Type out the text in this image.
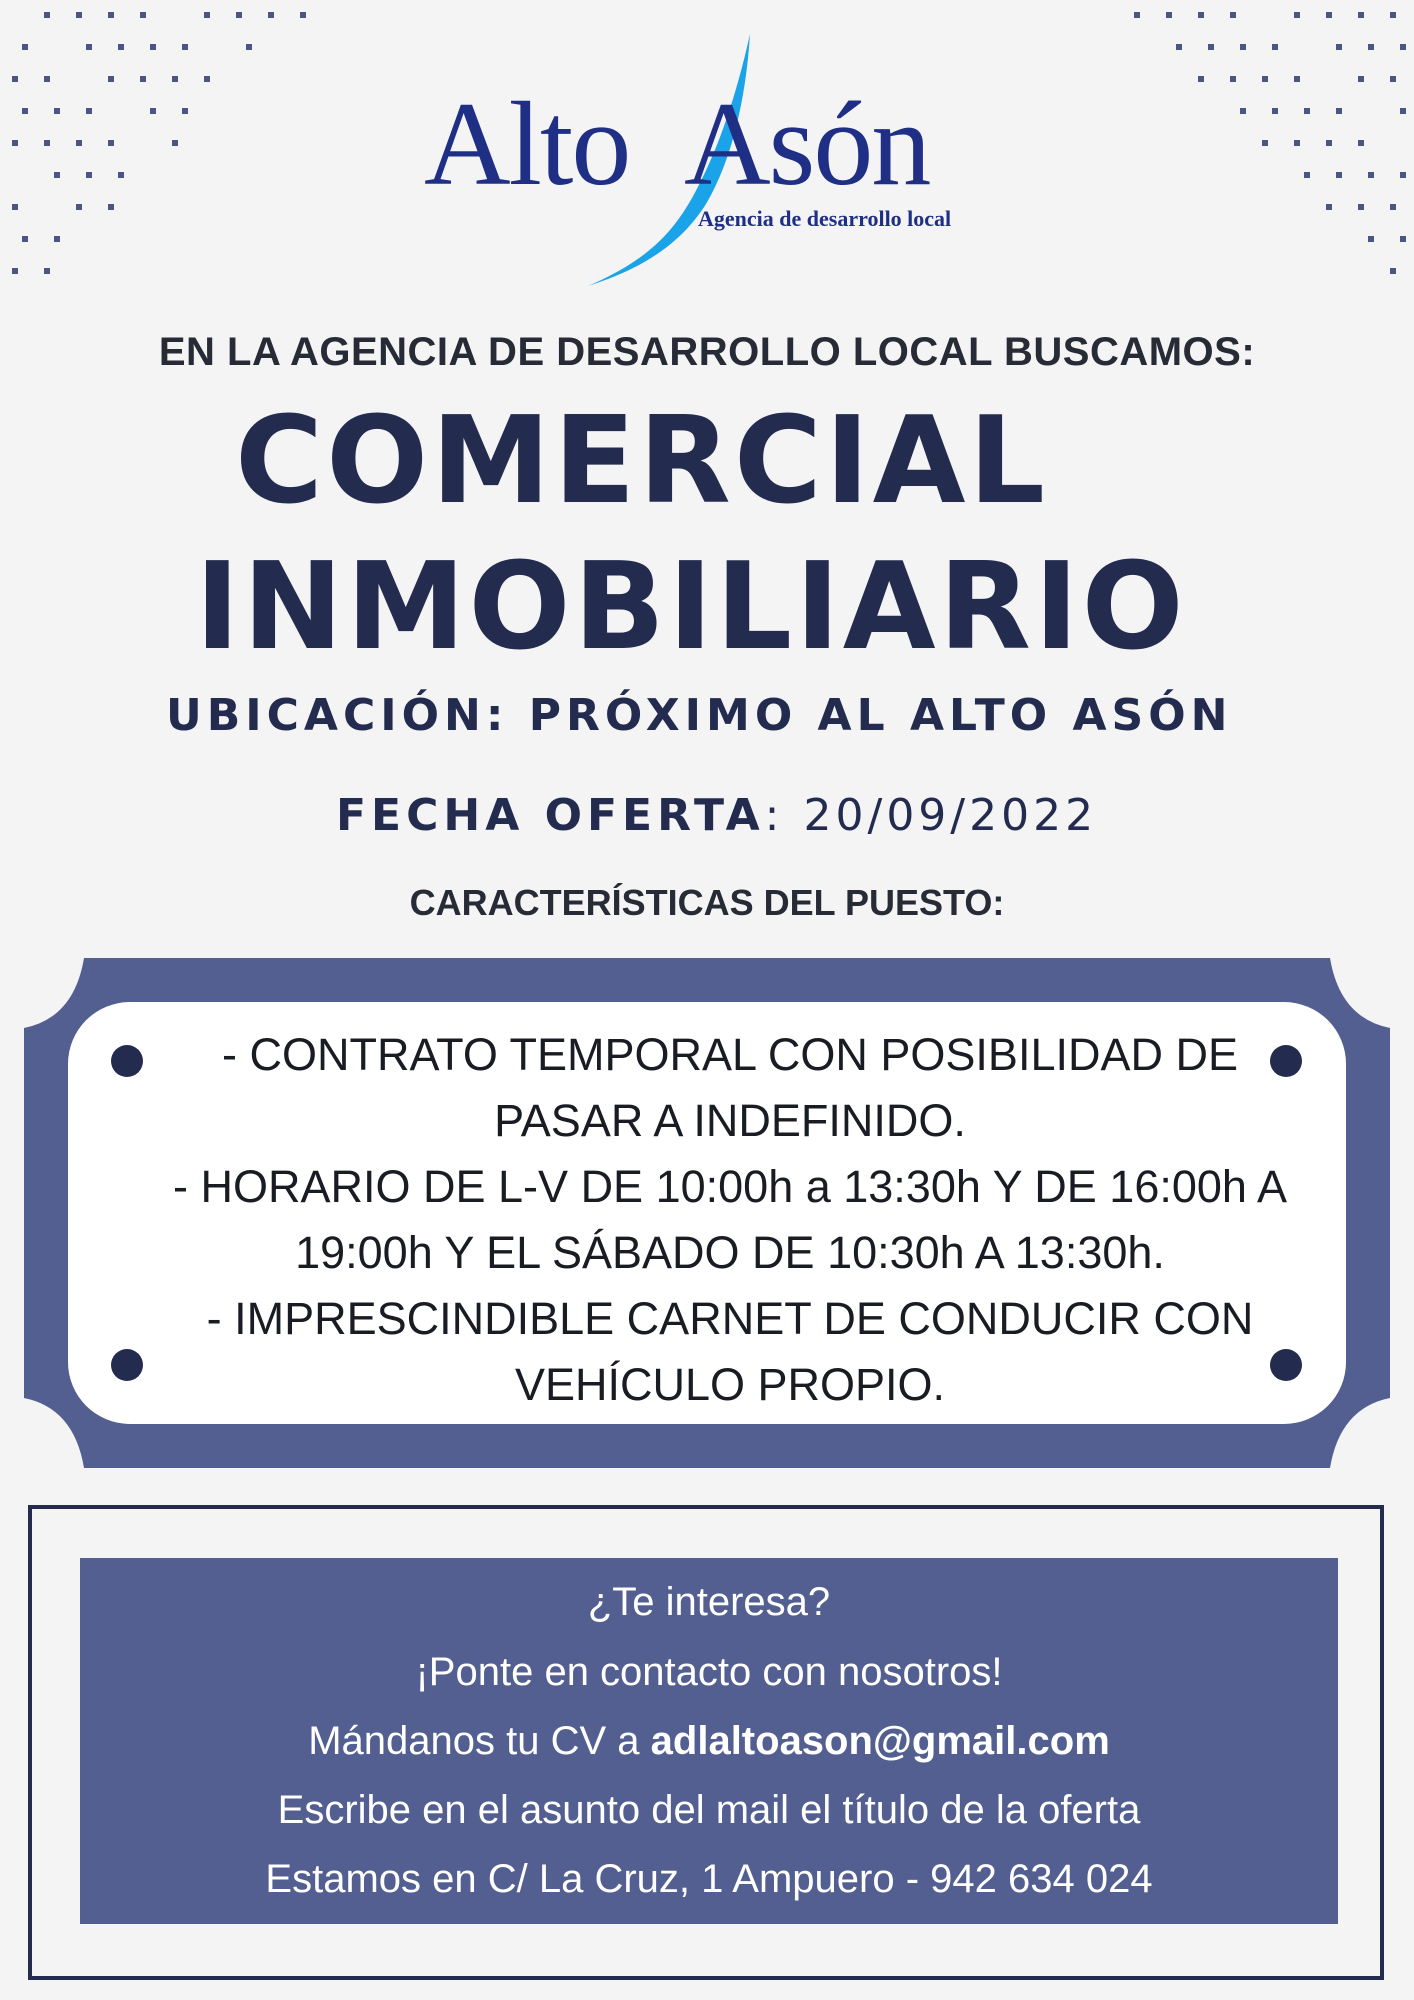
Alto Asón
Agencia de desarrollo local
EN LA AGENCIA DE DESARROLLO LOCAL BUSCAMOS:
COMERCIAL
INMOBILIARIO
UBICACIÓN: PRÓXIMO AL ALTO ASÓN
FECHA OFERTA: 20/09/2022
CARACTERÍSTICAS DEL PUESTO:
- CONTRATO TEMPORAL CON POSIBILIDAD DE
PASAR A INDEFINIDO.
- HORARIO DE L-V DE 10:00h a 13:30h Y DE 16:00h A
19:00h Y EL SÁBADO DE 10:30h A 13:30h.
- IMPRESCINDIBLE CARNET DE CONDUCIR CON
VEHÍCULO PROPIO.
¿Te interesa?
¡Ponte en contacto con nosotros!
Mándanos tu CV a adlaltoason@gmail.com
Escribe en el asunto del mail el título de la oferta
Estamos en C/ La Cruz, 1 Ampuero - 942 634 024
